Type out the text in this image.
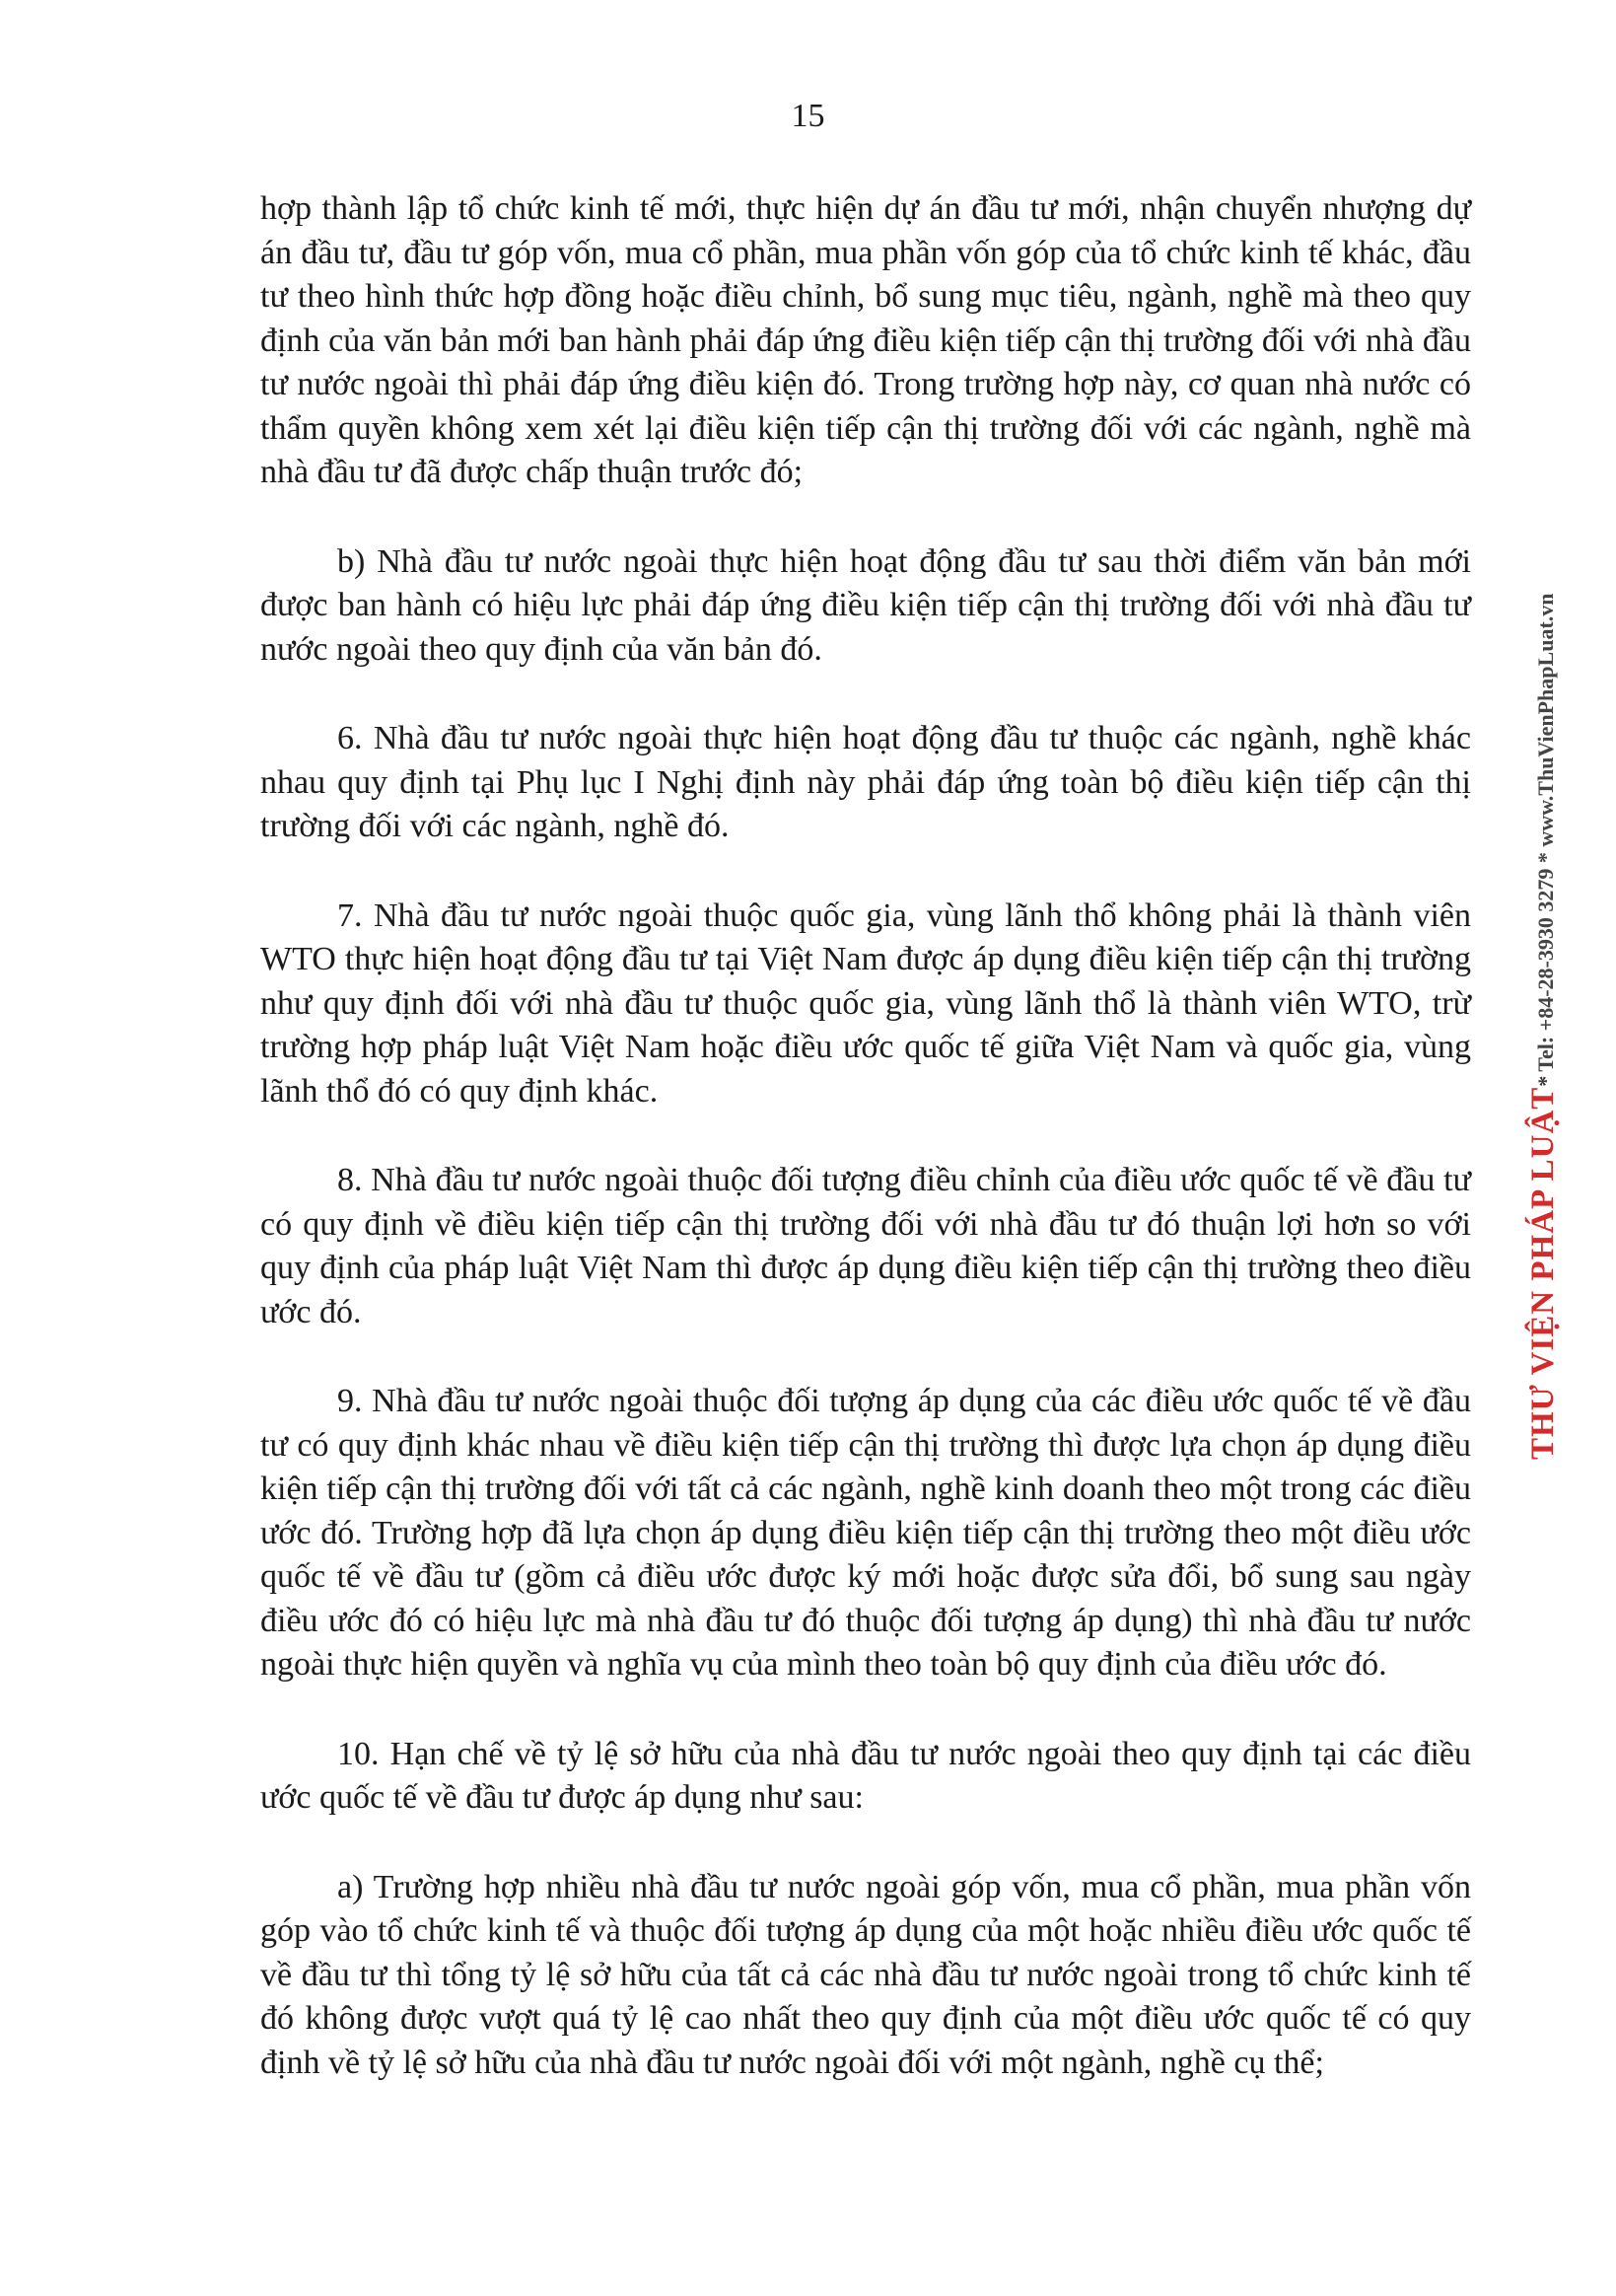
15

hợp thành lập tổ chức kinh tế mới, thực hiện dự án đầu tư mới, nhận chuyển nhượng dự án đầu tư, đầu tư góp vốn, mua cổ phần, mua phần vốn góp của tổ chức kinh tế khác, đầu tư theo hình thức hợp đồng hoặc điều chỉnh, bổ sung mục tiêu, ngành, nghề mà theo quy định của văn bản mới ban hành phải đáp ứng điều kiện tiếp cận thị trường đối với nhà đầu tư nước ngoài thì phải đáp ứng điều kiện đó. Trong trường hợp này, cơ quan nhà nước có thẩm quyền không xem xét lại điều kiện tiếp cận thị trường đối với các ngành, nghề mà nhà đầu tư đã được chấp thuận trước đó;

b) Nhà đầu tư nước ngoài thực hiện hoạt động đầu tư sau thời điểm văn bản mới được ban hành có hiệu lực phải đáp ứng điều kiện tiếp cận thị trường đối với nhà đầu tư nước ngoài theo quy định của văn bản đó.

6. Nhà đầu tư nước ngoài thực hiện hoạt động đầu tư thuộc các ngành, nghề khác nhau quy định tại Phụ lục I Nghị định này phải đáp ứng toàn bộ điều kiện tiếp cận thị trường đối với các ngành, nghề đó.

7. Nhà đầu tư nước ngoài thuộc quốc gia, vùng lãnh thổ không phải là thành viên WTO thực hiện hoạt động đầu tư tại Việt Nam được áp dụng điều kiện tiếp cận thị trường như quy định đối với nhà đầu tư thuộc quốc gia, vùng lãnh thổ là thành viên WTO, trừ trường hợp pháp luật Việt Nam hoặc điều ước quốc tế giữa Việt Nam và quốc gia, vùng lãnh thổ đó có quy định khác.

8. Nhà đầu tư nước ngoài thuộc đối tượng điều chỉnh của điều ước quốc tế về đầu tư có quy định về điều kiện tiếp cận thị trường đối với nhà đầu tư đó thuận lợi hơn so với quy định của pháp luật Việt Nam thì được áp dụng điều kiện tiếp cận thị trường theo điều ước đó.

9. Nhà đầu tư nước ngoài thuộc đối tượng áp dụng của các điều ước quốc tế về đầu tư có quy định khác nhau về điều kiện tiếp cận thị trường thì được lựa chọn áp dụng điều kiện tiếp cận thị trường đối với tất cả các ngành, nghề kinh doanh theo một trong các điều ước đó. Trường hợp đã lựa chọn áp dụng điều kiện tiếp cận thị trường theo một điều ước quốc tế về đầu tư (gồm cả điều ước được ký mới hoặc được sửa đổi, bổ sung sau ngày điều ước đó có hiệu lực mà nhà đầu tư đó thuộc đối tượng áp dụng) thì nhà đầu tư nước ngoài thực hiện quyền và nghĩa vụ của mình theo toàn bộ quy định của điều ước đó.

10. Hạn chế về tỷ lệ sở hữu của nhà đầu tư nước ngoài theo quy định tại các điều ước quốc tế về đầu tư được áp dụng như sau:

a) Trường hợp nhiều nhà đầu tư nước ngoài góp vốn, mua cổ phần, mua phần vốn góp vào tổ chức kinh tế và thuộc đối tượng áp dụng của một hoặc nhiều điều ước quốc tế về đầu tư thì tổng tỷ lệ sở hữu của tất cả các nhà đầu tư nước ngoài trong tổ chức kinh tế đó không được vượt quá tỷ lệ cao nhất theo quy định của một điều ước quốc tế có quy định về tỷ lệ sở hữu của nhà đầu tư nước ngoài đối với một ngành, nghề cụ thể;

THƯ VIỆN PHÁP LUẬT* Tel: +84-28-3930 3279 * www.ThuVienPhapLuat.vn
